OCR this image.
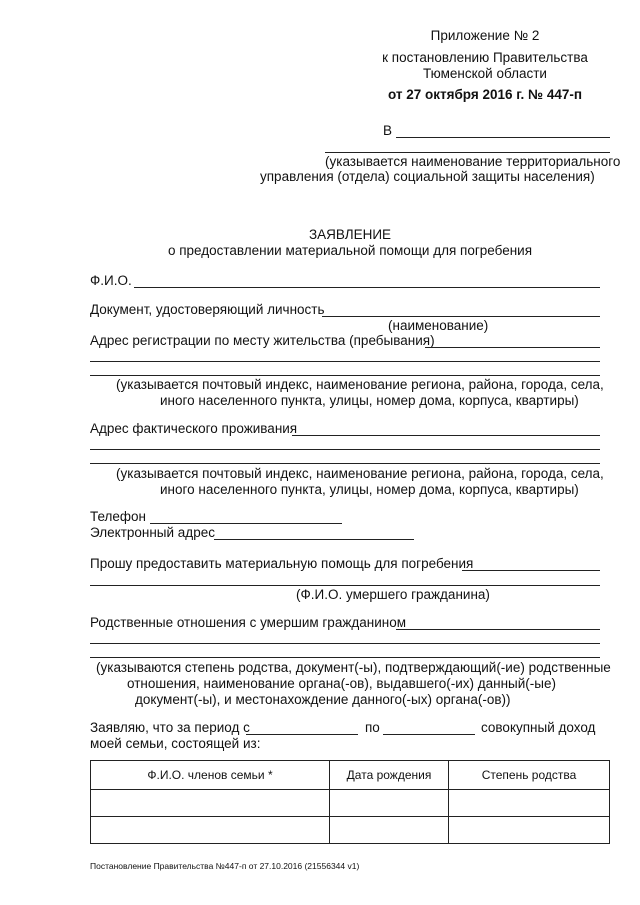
Приложение № 2
к постановлению Правительства
Тюменской области
от 27 октября 2016 г. № 447-п
В
(указывается наименование территориального
управления (отдела) социальной защиты населения)
ЗАЯВЛЕНИЕ
о предоставлении материальной помощи для погребения
Ф.И.О.
Документ, удостоверяющий личность
(наименование)
Адрес регистрации по месту жительства (пребывания)
(указывается почтовый индекс, наименование региона, района, города, села,
иного населенного пункта, улицы, номер дома, корпуса, квартиры)
Адрес фактического проживания
(указывается почтовый индекс, наименование региона, района, города, села,
иного населенного пункта, улицы, номер дома, корпуса, квартиры)
Телефон
Электронный адрес
Прошу предоставить материальную помощь для погребения
(Ф.И.О. умершего гражданина)
Родственные отношения с умершим гражданином
(указываются степень родства, документ(-ы), подтверждающий(-ие) родственные
отношения, наименование органа(-ов), выдавшего(-их) данный(-ые)
документ(-ы), и местонахождение данного(-ых) органа(-ов))
Заявляю, что за период с	по	совокупный доход
моей семьи, состоящей из:
Ф.И.О. членов семьи *	Дата рождения	Степень родства

Постановление Правительства №447-п от 27.10.2016 (21556344 v1)
